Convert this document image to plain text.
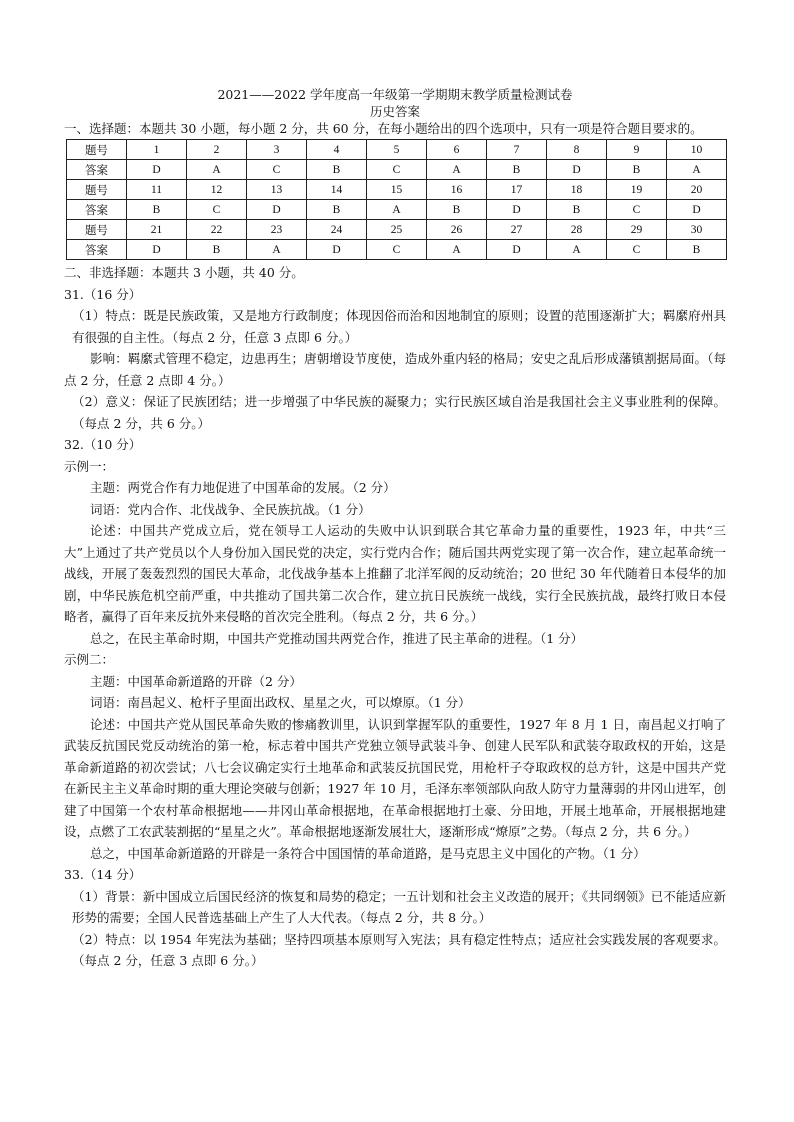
2021——2022 学年度高一年级第一学期期末教学质量检测试卷
历史答案

一、选择题：本题共 30 小题，每小题 2 分，共 60 分，在每小题给出的四个选项中，只有一项是符合题目要求的。

题号	1	2	3	4	5	6	7	8	9	10
答案	D	A	C	B	C	A	B	D	B	A
题号	11	12	13	14	15	16	17	18	19	20
答案	B	C	D	B	A	B	D	B	C	D
题号	21	22	23	24	25	26	27	28	29	30
答案	D	B	A	D	C	A	D	A	C	B

二、非选择题：本题共 3 小题，共 40 分。

31.（16 分）

（1）特点：既是民族政策，又是地方行政制度；体现因俗而治和因地制宜的原则；设置的范围逐渐扩大；羁縻府州具有很强的自主性。（每点 2 分，任意 3 点即 6 分。）

影响：羁縻式管理不稳定，边患再生；唐朝增设节度使，造成外重内轻的格局；安史之乱后形成藩镇割据局面。（每点 2 分，任意 2 点即 4 分。）

（2）意义：保证了民族团结；进一步增强了中华民族的凝聚力；实行民族区域自治是我国社会主义事业胜利的保障。（每点 2 分，共 6 分。）

32.（10 分）

示例一：

主题：两党合作有力地促进了中国革命的发展。（2 分）

词语：党内合作、北伐战争、全民族抗战。（1 分）

论述：中国共产党成立后，党在领导工人运动的失败中认识到联合其它革命力量的重要性，1923 年，中共“三大”上通过了共产党员以个人身份加入国民党的决定，实行党内合作；随后国共两党实现了第一次合作，建立起革命统一战线，开展了轰轰烈烈的国民大革命，北伐战争基本上推翻了北洋军阀的反动统治；20 世纪 30 年代随着日本侵华的加剧，中华民族危机空前严重，中共推动了国共第二次合作，建立抗日民族统一战线，实行全民族抗战，最终打败日本侵略者，赢得了百年来反抗外来侵略的首次完全胜利。（每点 2 分，共 6 分。）

总之，在民主革命时期，中国共产党推动国共两党合作，推进了民主革命的进程。（1 分）

示例二：

主题：中国革命新道路的开辟（2 分）

词语：南昌起义、枪杆子里面出政权、星星之火，可以燎原。（1 分）

论述：中国共产党从国民革命失败的惨痛教训里，认识到掌握军队的重要性，1927 年 8 月 1 日，南昌起义打响了武装反抗国民党反动统治的第一枪，标志着中国共产党独立领导武装斗争、创建人民军队和武装夺取政权的开始，这是革命新道路的初次尝试；八七会议确定实行土地革命和武装反抗国民党，用枪杆子夺取政权的总方针，这是中国共产党在新民主主义革命时期的重大理论突破与创新；1927 年 10 月，毛泽东率领部队向敌人防守力量薄弱的井冈山进军，创建了中国第一个农村革命根据地——井冈山革命根据地，在革命根据地打土豪、分田地，开展土地革命，开展根据地建设，点燃了工农武装割据的“星星之火”。革命根据地逐渐发展壮大，逐渐形成“燎原”之势。（每点 2 分，共 6 分。）

总之，中国革命新道路的开辟是一条符合中国国情的革命道路，是马克思主义中国化的产物。（1 分）

33.（14 分）

（1）背景：新中国成立后国民经济的恢复和局势的稳定；一五计划和社会主义改造的展开；《共同纲领》已不能适应新形势的需要；全国人民普选基础上产生了人大代表。（每点 2 分，共 8 分。）

（2）特点：以 1954 年宪法为基础；坚持四项基本原则写入宪法；具有稳定性特点；适应社会实践发展的客观要求。（每点 2 分，任意 3 点即 6 分。）
